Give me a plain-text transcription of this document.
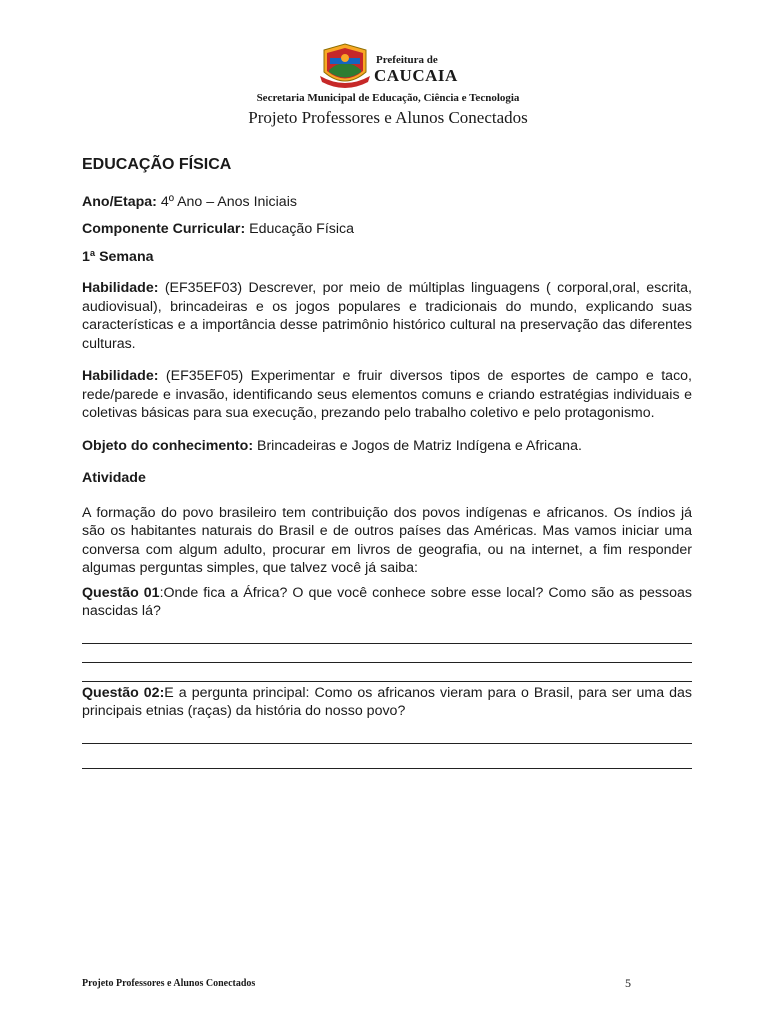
Prefeitura de
CAUCAIA
Secretaria Municipal de Educação, Ciência e Tecnologia
Projeto Professores e Alunos Conectados
EDUCAÇÃO FÍSICA
Ano/Etapa: 4º Ano – Anos Iniciais
Componente Curricular: Educação Física
1ª Semana
Habilidade: (EF35EF03) Descrever, por meio de múltiplas linguagens ( corporal,oral, escrita, audiovisual), brincadeiras e os jogos populares e tradicionais do mundo, explicando suas características e a importância desse patrimônio histórico cultural na preservação das diferentes culturas.
Habilidade: (EF35EF05) Experimentar e fruir diversos tipos de esportes de campo e taco, rede/parede e invasão, identificando seus elementos comuns e criando estratégias individuais e coletivas básicas para sua execução, prezando pelo trabalho coletivo e pelo protagonismo.
Objeto do conhecimento: Brincadeiras e Jogos de Matriz Indígena e Africana.
Atividade
A formação do povo brasileiro tem contribuição dos povos indígenas e africanos. Os índios já são os habitantes naturais do Brasil e de outros países das Américas. Mas vamos iniciar uma conversa com algum adulto, procurar em livros de geografia, ou na internet, a fim responder algumas perguntas simples, que talvez você já saiba:
Questão 01:Onde fica a África? O que você conhece sobre esse local? Como são as pessoas nascidas lá?
Questão 02:E a pergunta principal: Como os africanos vieram para o Brasil, para ser uma das principais etnias (raças) da história do nosso povo?
Projeto Professores e Alunos Conectados	5
